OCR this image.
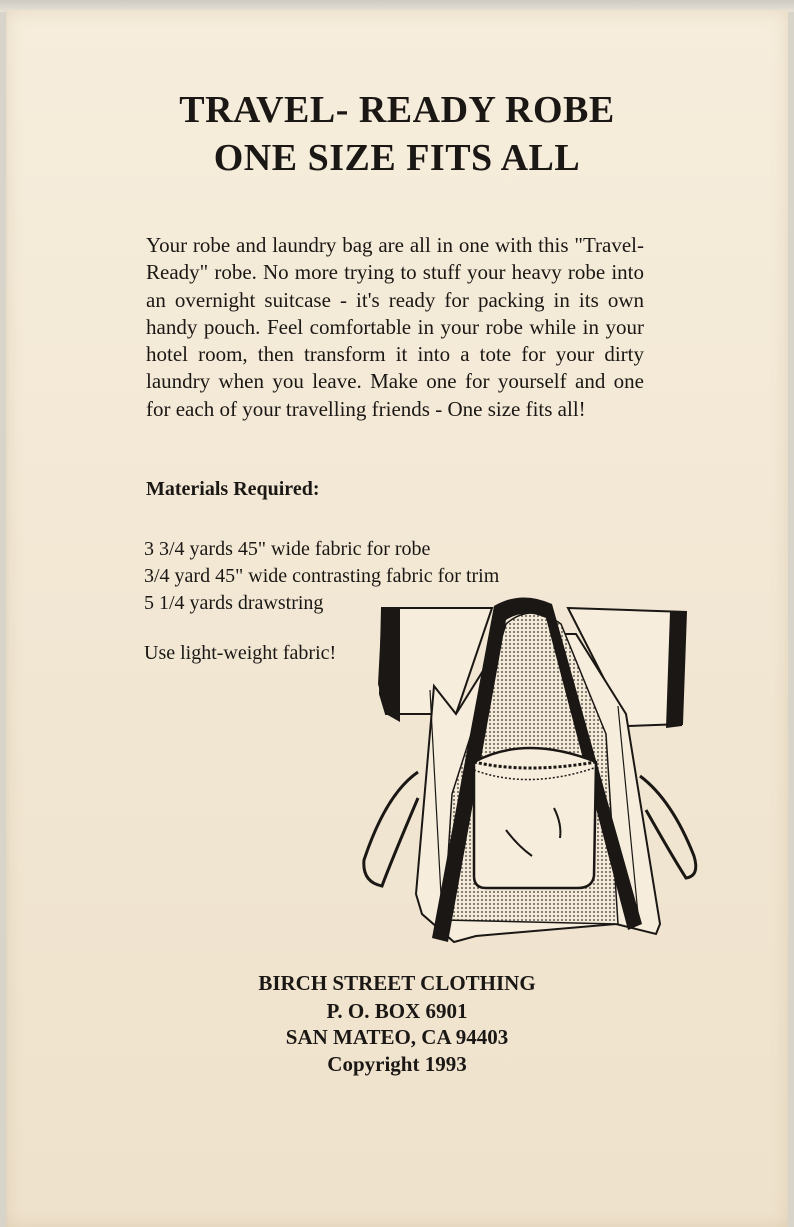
TRAVEL- READY ROBE
ONE SIZE FITS ALL

Your robe and laundry bag are all in one with this "Travel-Ready" robe. No more trying to stuff your heavy robe into an overnight suitcase - it's ready for packing in its own handy pouch. Feel comfortable in your robe while in your hotel room, then transform it into a tote for your dirty laundry when you leave. Make one for yourself and one for each of your travelling friends - One size fits all!

Materials Required:
3 3/4 yards 45" wide fabric for robe
3/4 yard 45" wide contrasting fabric for trim
5 1/4 yards drawstring
Use light-weight fabric!
BIRCH STREET CLOTHING
P. O. BOX 6901
SAN MATEO, CA 94403
Copyright 1993
